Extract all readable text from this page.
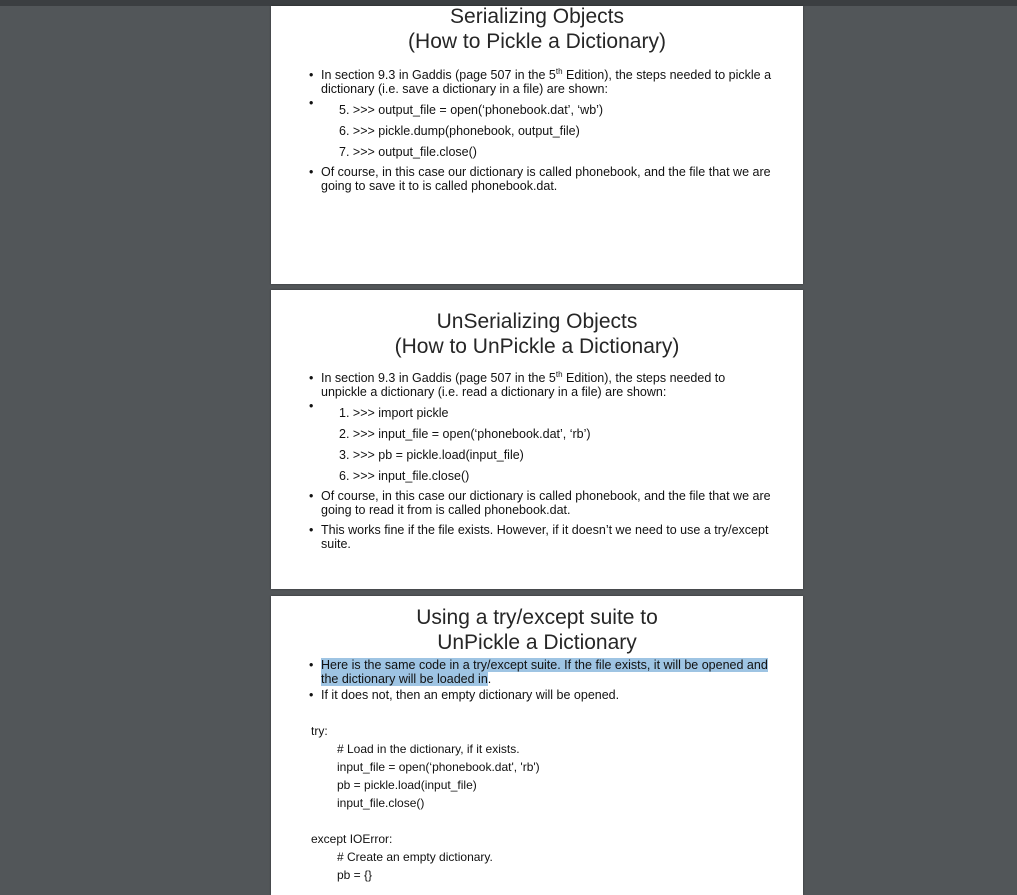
Serializing Objects

(How to Pickle a Dictionary)

• In section 9.3 in Gaddis (page 507 in the 5th Edition), the steps needed to pickle a dictionary (i.e. save a dictionary in a file) are shown:
• 5. >>> output_file = open(‘phonebook.dat’, ‘wb’)
6. >>> pickle.dump(phonebook, output_file)
7. >>> output_file.close()
• Of course, in this case our dictionary is called phonebook, and the file that we are going to save it to is called phonebook.dat.

UnSerializing Objects

(How to UnPickle a Dictionary)

• In section 9.3 in Gaddis (page 507 in the 5th Edition), the steps needed to unpickle a dictionary (i.e. read a dictionary in a file) are shown:
• 1. >>> import pickle
2. >>> input_file = open(‘phonebook.dat’, ‘rb’)
3. >>> pb = pickle.load(input_file)
6. >>> input_file.close()
• Of course, in this case our dictionary is called phonebook, and the file that we are going to read it from is called phonebook.dat.
• This works fine if the file exists. However, if it doesn’t we need to use a try/except suite.

Using a try/except suite to

UnPickle a Dictionary

• Here is the same code in a try/except suite. If the file exists, it will be opened and the dictionary will be loaded in.
• If it does not, then an empty dictionary will be opened.
try:
# Load in the dictionary, if it exists.
input_file = open(‘phonebook.dat', 'rb')
pb = pickle.load(input_file)
input_file.close()
except IOError:
# Create an empty dictionary.
pb = {}
